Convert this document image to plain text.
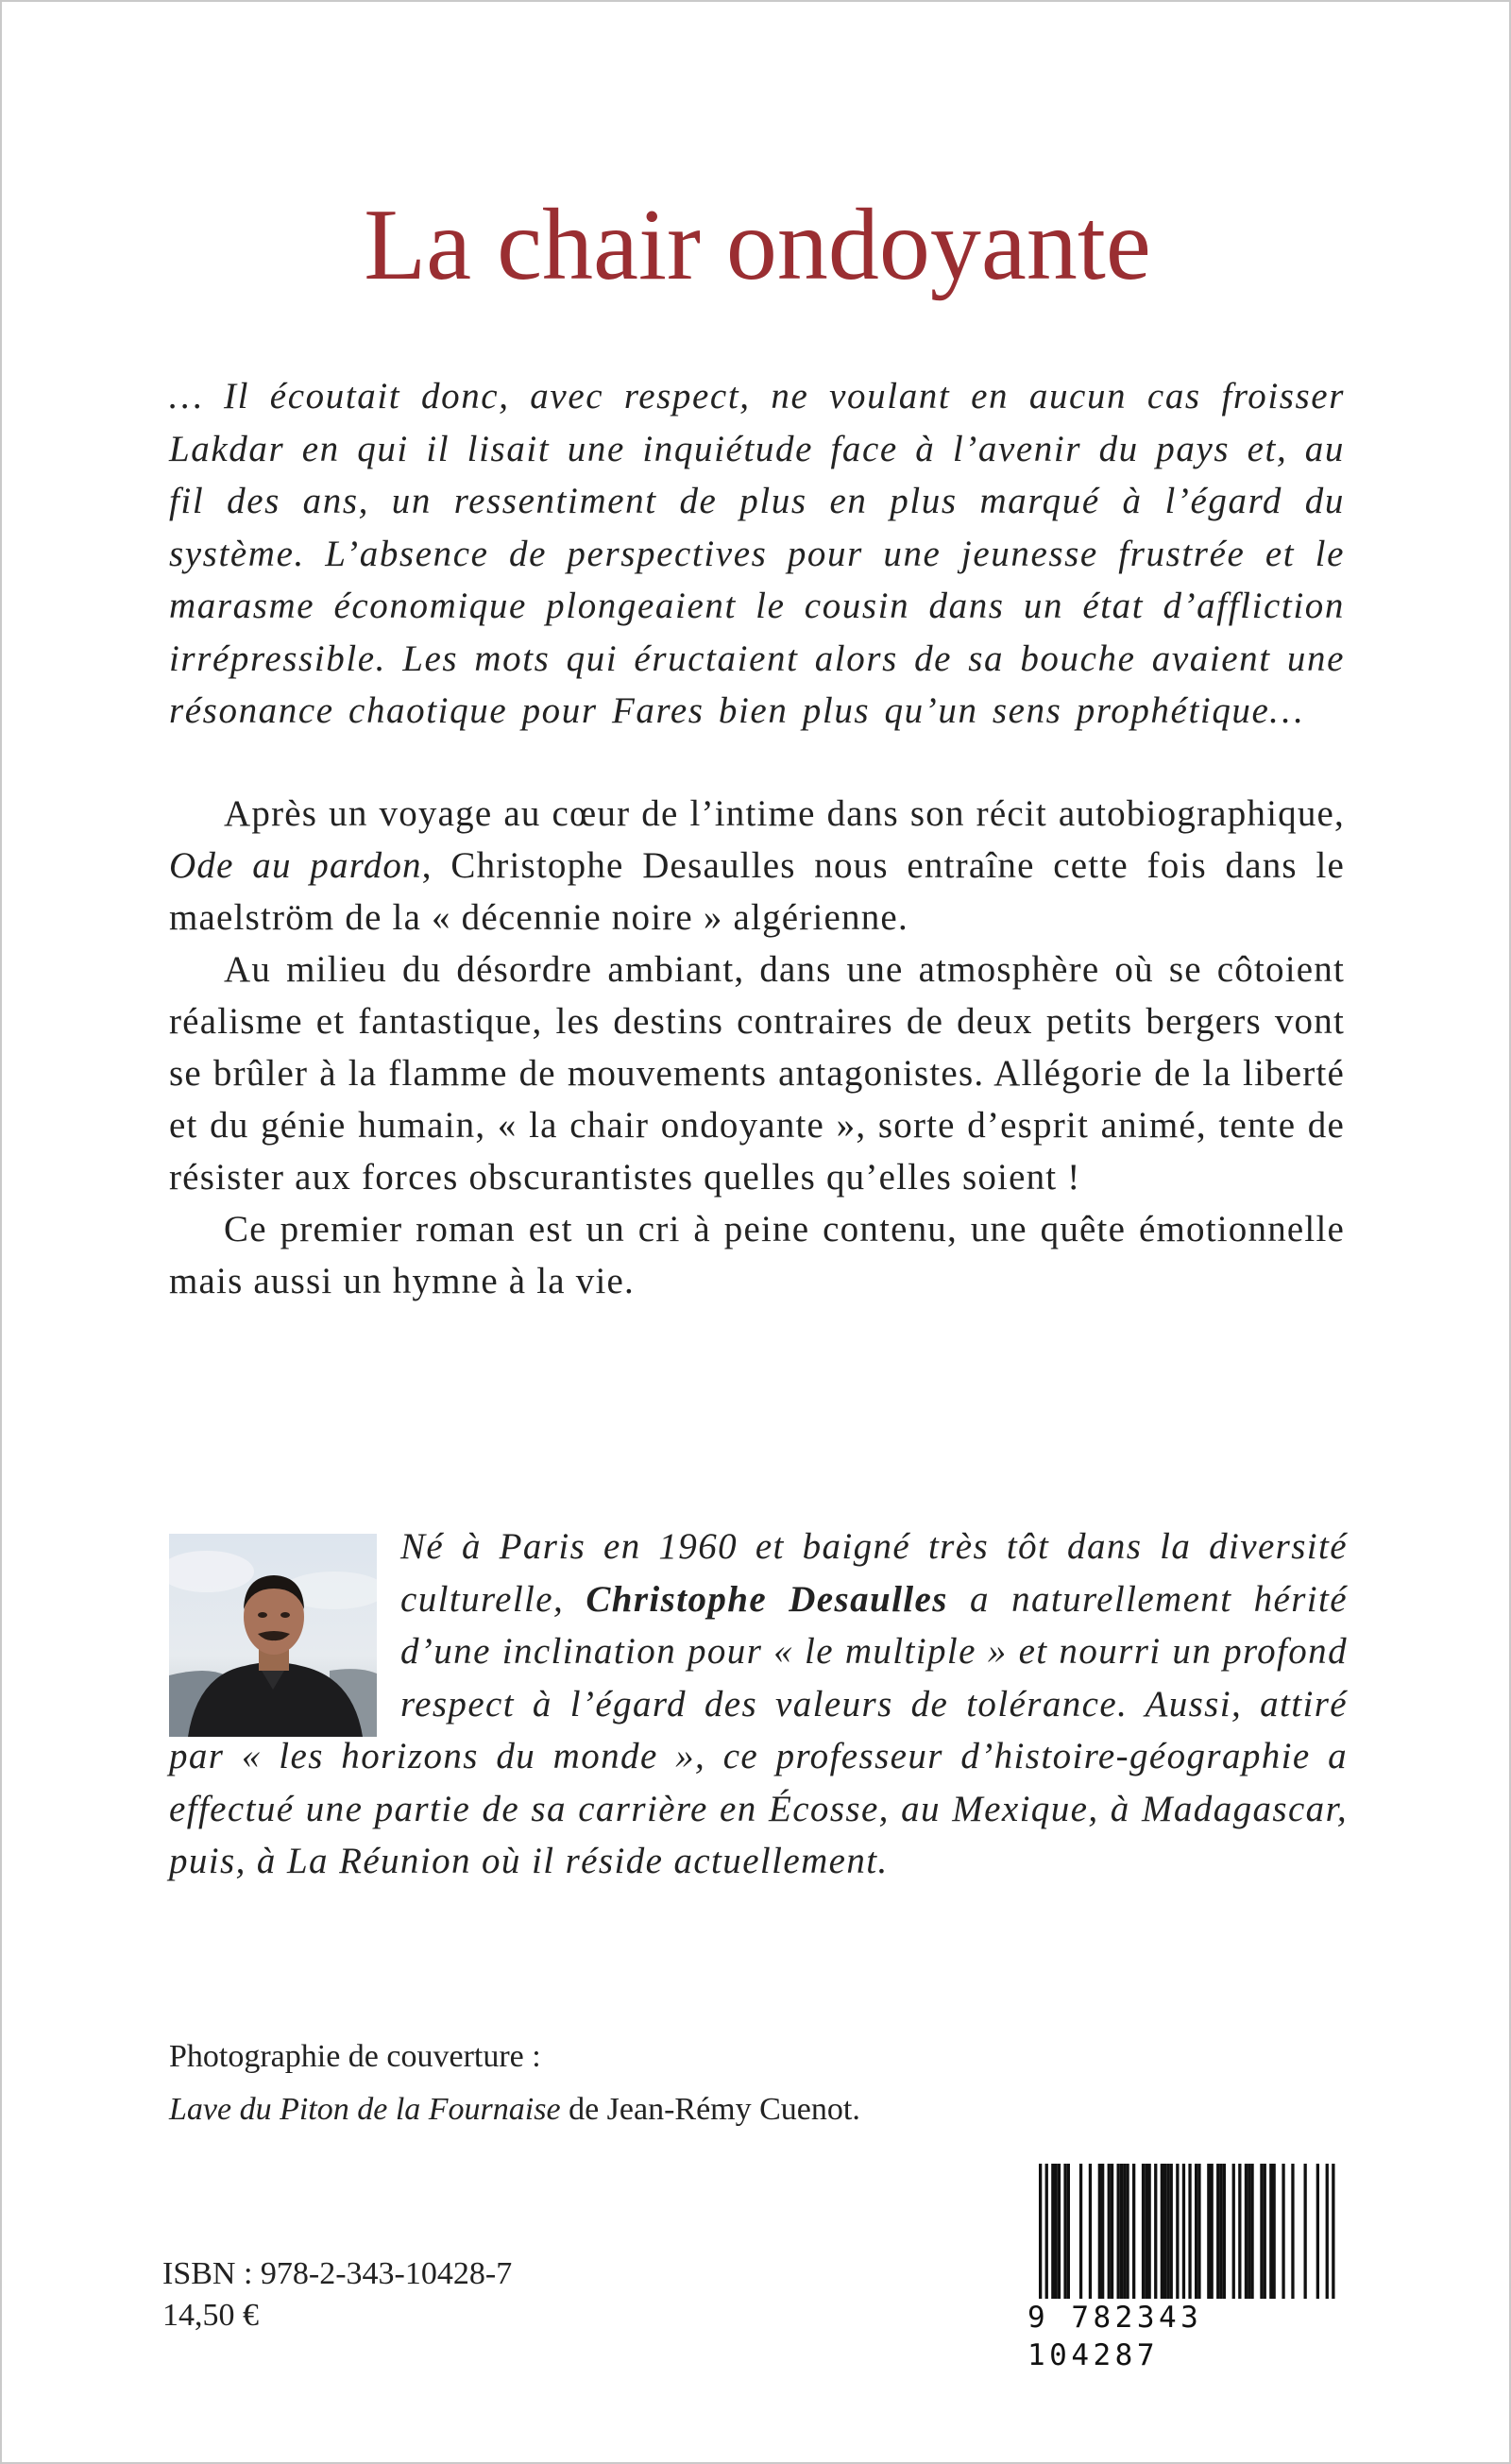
La chair ondoyante

… Il écoutait donc, avec respect, ne voulant en aucun cas froisser Lakdar en qui il lisait une inquiétude face à l’avenir du pays et, au fil des ans, un ressentiment de plus en plus marqué à l’égard du système. L’absence de perspectives pour une jeunesse frustrée et le marasme économique plongeaient le cousin dans un état d’affliction irrépressible. Les mots qui éructaient alors de sa bouche avaient une résonance chaotique pour Fares bien plus qu’un sens prophétique…

Après un voyage au cœur de l’intime dans son récit autobiographique, Ode au pardon, Christophe Desaulles nous entraîne cette fois dans le maelström de la « décennie noire » algérienne.

Au milieu du désordre ambiant, dans une atmosphère où se côtoient réalisme et fantastique, les destins contraires de deux petits bergers vont se brûler à la flamme de mouvements antagonistes. Allégorie de la liberté et du génie humain, « la chair ondoyante », sorte d’esprit animé, tente de résister aux forces obscurantistes quelles qu’elles soient !

Ce premier roman est un cri à peine contenu, une quête émotionnelle mais aussi un hymne à la vie.

Né à Paris en 1960 et baigné très tôt dans la diversité culturelle, Christophe Desaulles a naturellement hérité d’une inclination pour « le multiple » et nourri un profond respect à l’égard des valeurs de tolérance. Aussi, attiré par « les horizons du monde », ce professeur d’histoire-géographie a effectué une partie de sa carrière en Écosse, au Mexique, à Madagascar, puis, à La Réunion où il réside actuellement.

Photographie de couverture :
Lave du Piton de la Fournaise de Jean-Rémy Cuenot.
ISBN : 978-2-343-10428-7
14,50 €	9 782343 104287
